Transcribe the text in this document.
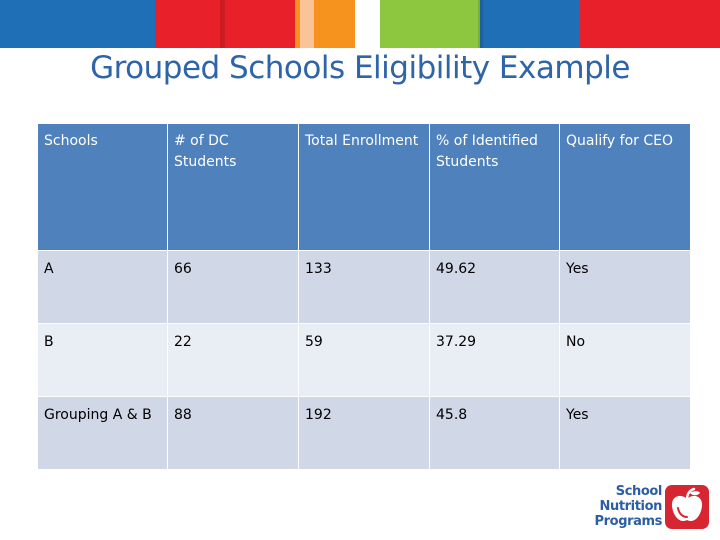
Grouped Schools Eligibility Example
Schools	# of DC Students	Total Enrollment	% of Identified Students	Qualify for CEO
A	66	133	49.62	Yes
B	22	59	37.29	No
Grouping A & B	88	192	45.8	Yes
School
Nutrition
Programs
